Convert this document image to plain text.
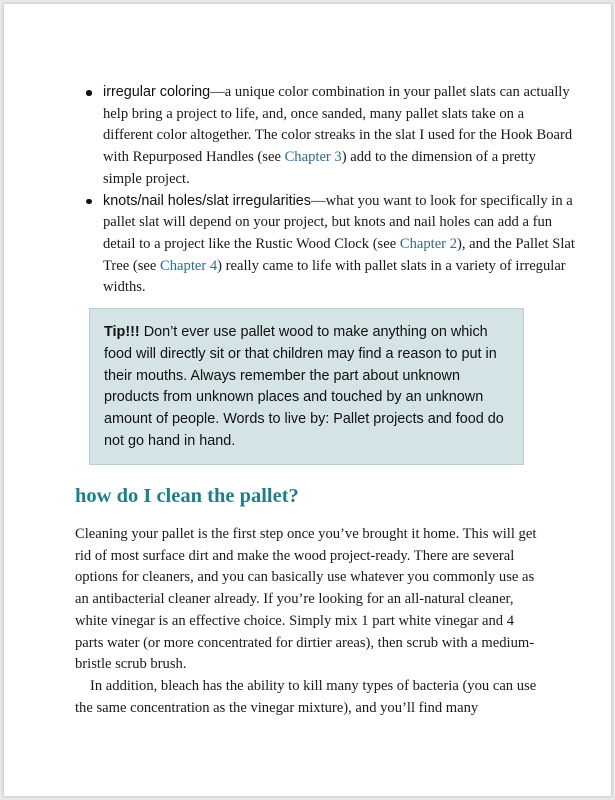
irregular coloring—a unique color combination in your pallet slats can actually help bring a project to life, and, once sanded, many pallet slats take on a different color altogether. The color streaks in the slat I used for the Hook Board with Repurposed Handles (see Chapter 3) add to the dimension of a pretty simple project.
knots/nail holes/slat irregularities—what you want to look for specifically in a pallet slat will depend on your project, but knots and nail holes can add a fun detail to a project like the Rustic Wood Clock (see Chapter 2), and the Pallet Slat Tree (see Chapter 4) really came to life with pallet slats in a variety of irregular widths.
Tip!!! Don’t ever use pallet wood to make anything on which food will directly sit or that children may find a reason to put in their mouths. Always remember the part about unknown products from unknown places and touched by an unknown amount of people. Words to live by: Pallet projects and food do not go hand in hand.
how do I clean the pallet?

Cleaning your pallet is the first step once you’ve brought it home. This will get rid of most surface dirt and make the wood project-ready. There are several options for cleaners, and you can basically use whatever you commonly use as an antibacterial cleaner already. If you’re looking for an all-natural cleaner, white vinegar is an effective choice. Simply mix 1 part white vinegar and 4 parts water (or more concentrated for dirtier areas), then scrub with a medium-bristle scrub brush.

In addition, bleach has the ability to kill many types of bacteria (you can use the same concentration as the vinegar mixture), and you’ll find many
